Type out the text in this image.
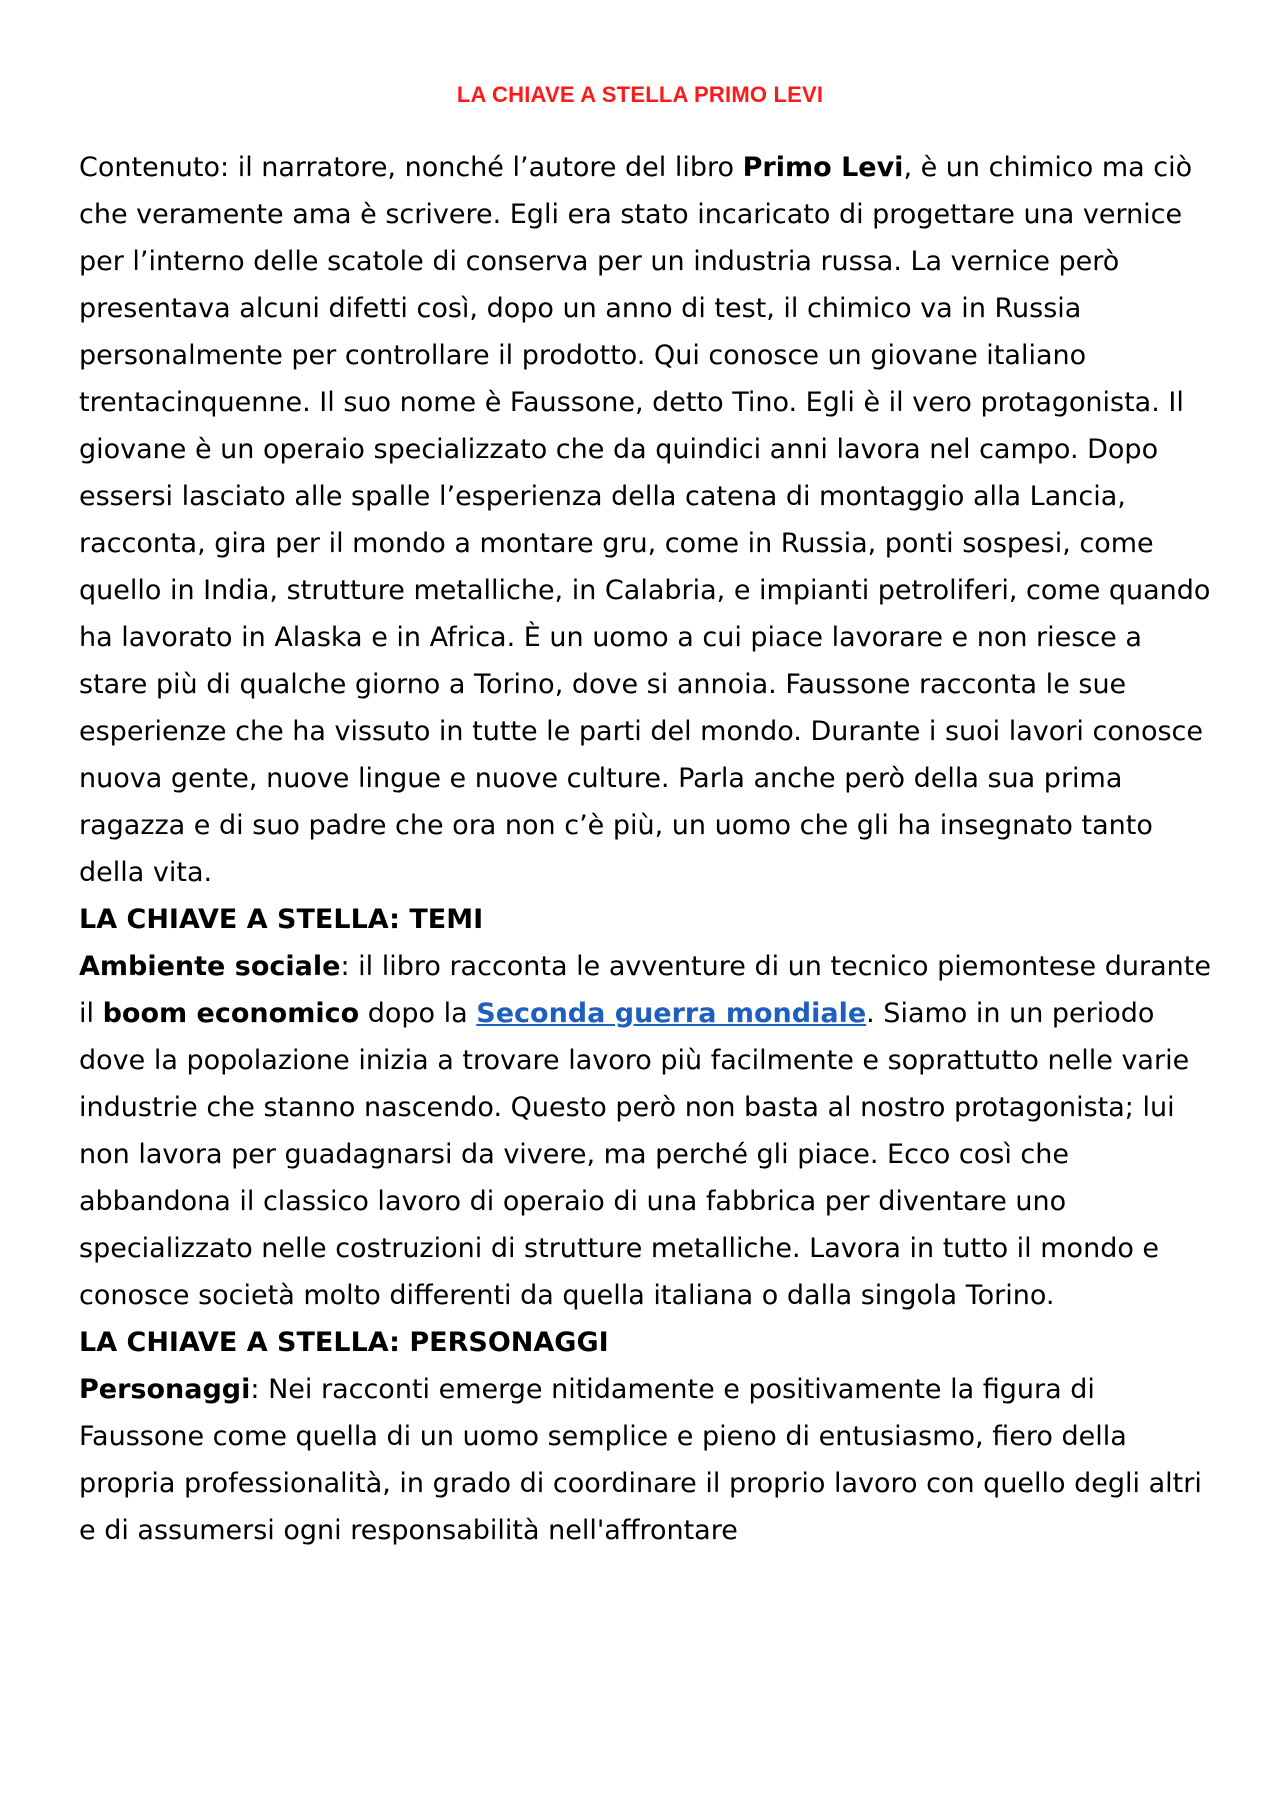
LA CHIAVE A STELLA PRIMO LEVI

Contenuto: il narratore, nonché l’autore del libro Primo Levi, è un chimico ma ciò che veramente ama è scrivere. Egli era stato incaricato di progettare una vernice per l’interno delle scatole di conserva per un industria russa. La vernice però presentava alcuni difetti così, dopo un anno di test, il chimico va in Russia personalmente per controllare il prodotto. Qui conosce un giovane italiano trentacinquenne. Il suo nome è Faussone, detto Tino. Egli è il vero protagonista. Il giovane è un operaio specializzato che da quindici anni lavora nel campo. Dopo essersi lasciato alle spalle l’esperienza della catena di montaggio alla Lancia, racconta, gira per il mondo a montare gru, come in Russia, ponti sospesi, come quello in India, strutture metalliche, in Calabria, e impianti petroliferi, come quando ha lavorato in Alaska e in Africa. È un uomo a cui piace lavorare e non riesce a stare più di qualche giorno a Torino, dove si annoia. Faussone racconta le sue esperienze che ha vissuto in tutte le parti del mondo. Durante i suoi lavori conosce nuova gente, nuove lingue e nuove culture. Parla anche però della sua prima ragazza e di suo padre che ora non c’è più, un uomo che gli ha insegnato tanto della vita.

LA CHIAVE A STELLA: TEMI

Ambiente sociale: il libro racconta le avventure di un tecnico piemontese durante il boom economico dopo la Seconda guerra mondiale. Siamo in un periodo dove la popolazione inizia a trovare lavoro più facilmente e soprattutto nelle varie industrie che stanno nascendo. Questo però non basta al nostro protagonista; lui non lavora per guadagnarsi da vivere, ma perché gli piace. Ecco così che abbandona il classico lavoro di operaio di una fabbrica per diventare uno specializzato nelle costruzioni di strutture metalliche. Lavora in tutto il mondo e conosce società molto differenti da quella italiana o dalla singola Torino.

LA CHIAVE A STELLA: PERSONAGGI

Personaggi: Nei racconti emerge nitidamente e positivamente la figura di Faussone come quella di un uomo semplice e pieno di entusiasmo, fiero della propria professionalità, in grado di coordinare il proprio lavoro con quello degli altri e di assumersi ogni responsabilità nell'affrontare
